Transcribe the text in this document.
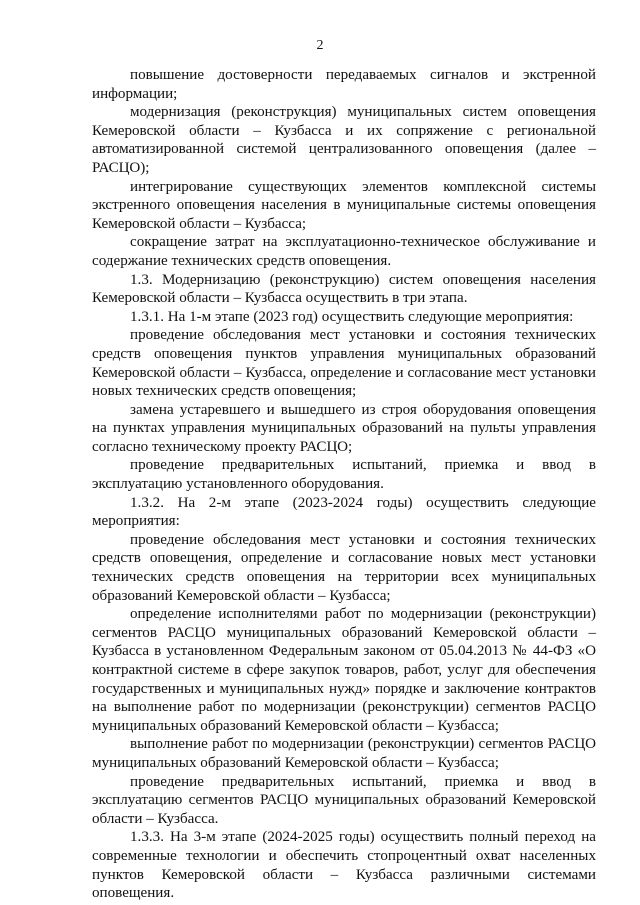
2

повышение достоверности передаваемых сигналов и экстренной информации;

модернизация (реконструкция) муниципальных систем оповещения Кемеровской области – Кузбасса и их сопряжение с региональной автоматизированной системой централизованного оповещения (далее – РАСЦО);

интегрирование существующих элементов комплексной системы экстренного оповещения населения в муниципальные системы оповещения Кемеровской области – Кузбасса;

сокращение затрат на эксплуатационно-техническое обслуживание и содержание технических средств оповещения.

1.3. Модернизацию (реконструкцию) систем оповещения населения Кемеровской области – Кузбасса осуществить в три этапа.

1.3.1. На 1-м этапе (2023 год) осуществить следующие мероприятия:

проведение обследования мест установки и состояния технических средств оповещения пунктов управления муниципальных образований Кемеровской области – Кузбасса, определение и согласование мест установки новых технических средств оповещения;

замена устаревшего и вышедшего из строя оборудования оповещения на пунктах управления муниципальных образований на пульты управления согласно техническому проекту РАСЦО;

проведение предварительных испытаний, приемка и ввод в эксплуатацию установленного оборудования.

1.3.2. На 2-м этапе (2023-2024 годы) осуществить следующие мероприятия:

проведение обследования мест установки и состояния технических средств оповещения, определение и согласование новых мест установки технических средств оповещения на территории всех муниципальных образований Кемеровской области – Кузбасса;

определение исполнителями работ по модернизации (реконструкции) сегментов РАСЦО муниципальных образований Кемеровской области – Кузбасса в установленном Федеральным законом от 05.04.2013 № 44-ФЗ «О контрактной системе в сфере закупок товаров, работ, услуг для обеспечения государственных и муниципальных нужд» порядке и заключение контрактов на выполнение работ по модернизации (реконструкции) сегментов РАСЦО муниципальных образований Кемеровской области – Кузбасса;

выполнение работ по модернизации (реконструкции) сегментов РАСЦО муниципальных образований Кемеровской области – Кузбасса;

проведение предварительных испытаний, приемка и ввод в эксплуатацию сегментов РАСЦО муниципальных образований Кемеровской области – Кузбасса.

1.3.3. На 3-м этапе (2024-2025 годы) осуществить полный переход на современные технологии и обеспечить стопроцентный охват населенных пунктов Кемеровской области – Кузбасса различными системами оповещения.
